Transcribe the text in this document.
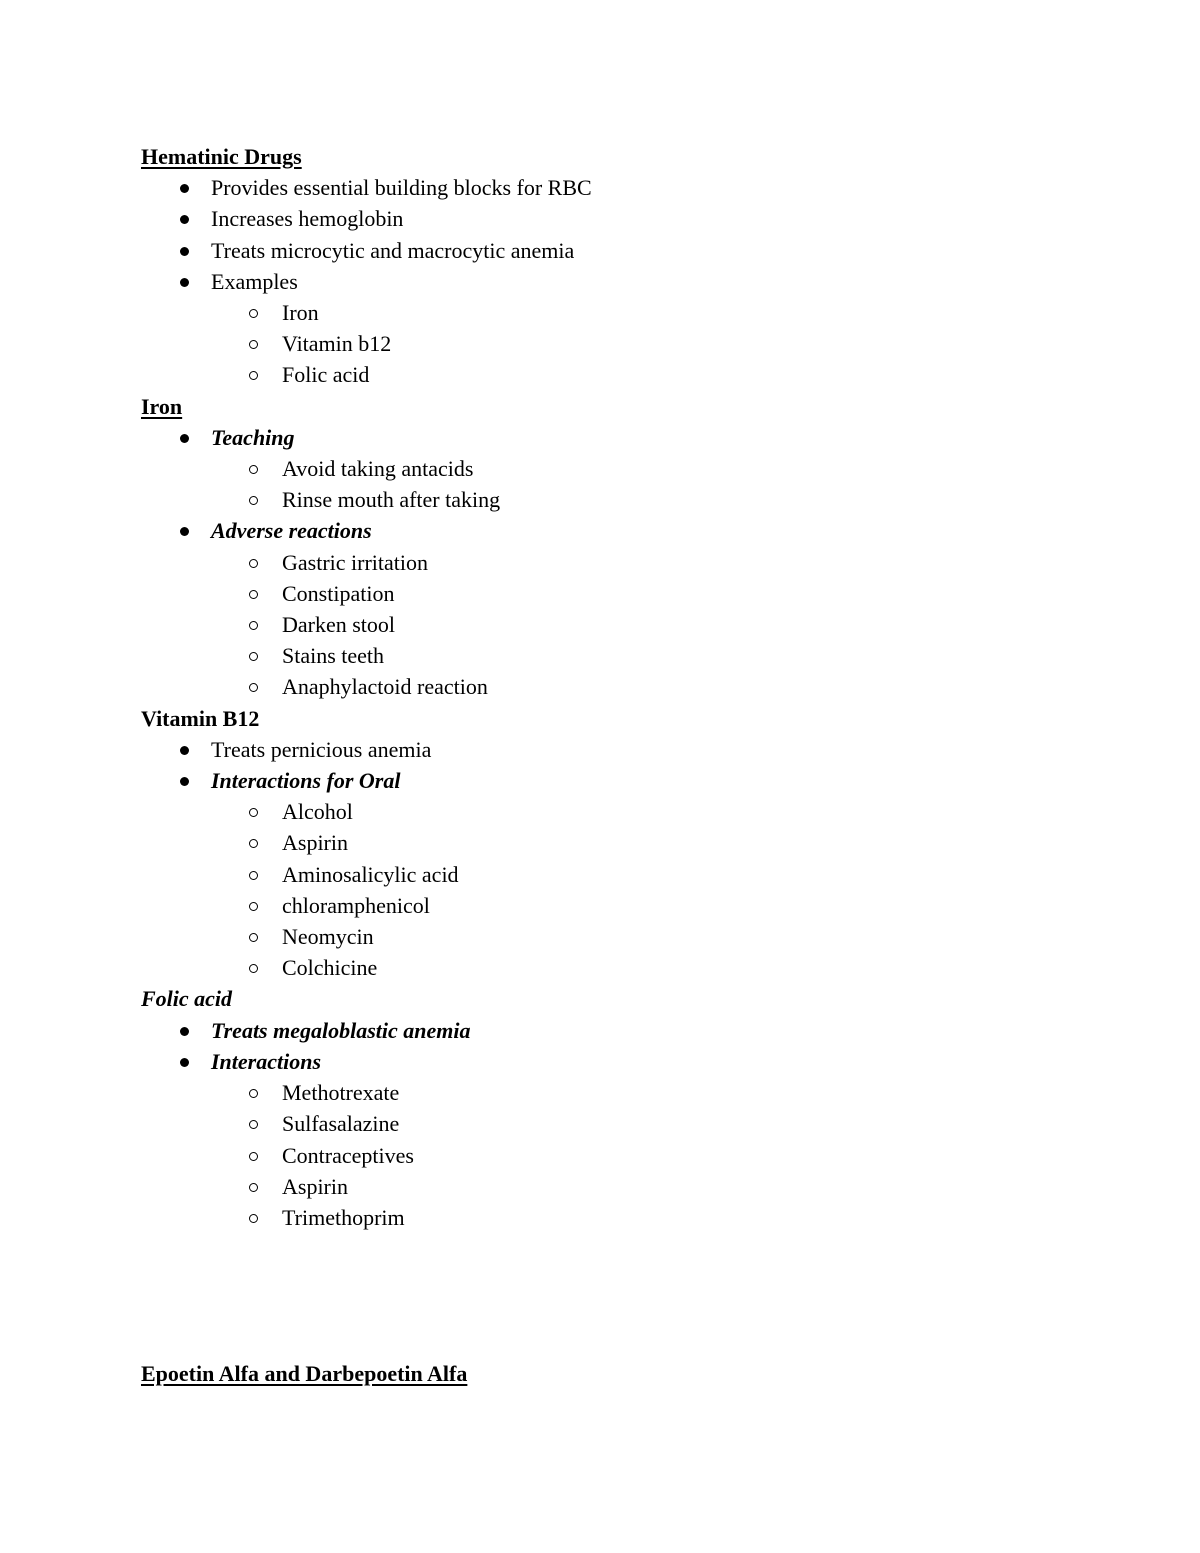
Hematinic Drugs
Provides essential building blocks for RBC
Increases hemoglobin
Treats microcytic and macrocytic anemia
Examples
Iron
Vitamin b12
Folic acid
Iron
Teaching
Avoid taking antacids
Rinse mouth after taking
Adverse reactions
Gastric irritation
Constipation
Darken stool
Stains teeth
Anaphylactoid reaction
Vitamin B12
Treats pernicious anemia
Interactions for Oral
Alcohol
Aspirin
Aminosalicylic acid
chloramphenicol
Neomycin
Colchicine
Folic acid
Treats megaloblastic anemia
Interactions
Methotrexate
Sulfasalazine
Contraceptives
Aspirin
Trimethoprim
Epoetin Alfa and Darbepoetin Alfa
